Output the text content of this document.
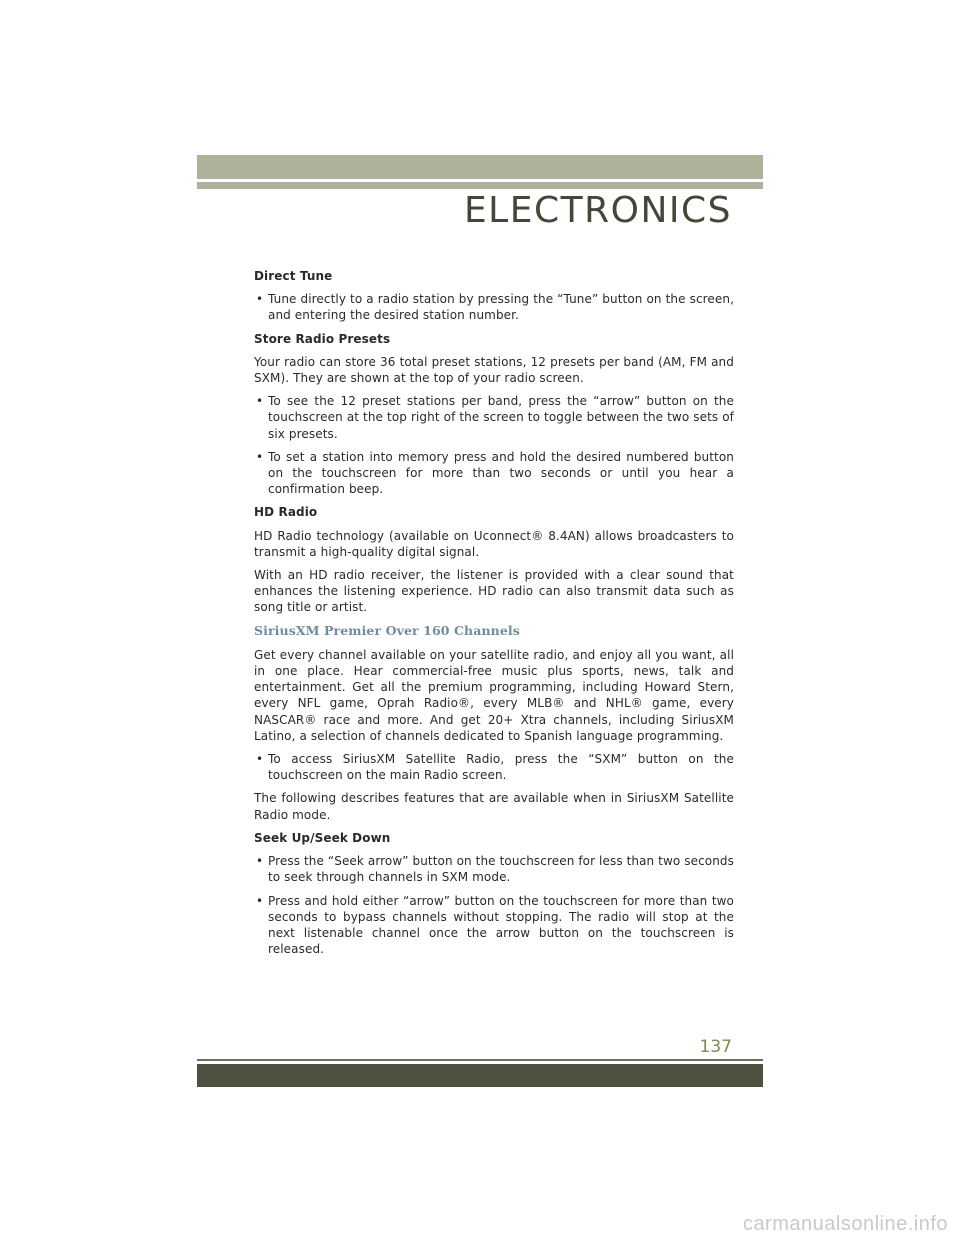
ELECTRONICS
Direct Tune
• Tune directly to a radio station by pressing the “Tune” button on the screen, and entering the desired station number.
Store Radio Presets

Your radio can store 36 total preset stations, 12 presets per band (AM, FM and SXM). They are shown at the top of your radio screen.

• To see the 12 preset stations per band, press the “arrow” button on the touchscreen at the top right of the screen to toggle between the two sets of six presets.
• To set a station into memory press and hold the desired numbered button on the touchscreen for more than two seconds or until you hear a confirmation beep.
HD Radio

HD Radio technology (available on Uconnect® 8.4AN) allows broadcasters to transmit a high-quality digital signal.

With an HD radio receiver, the listener is provided with a clear sound that enhances the listening experience. HD radio can also transmit data such as song title or artist.

SiriusXM Premier Over 160 Channels

Get every channel available on your satellite radio, and enjoy all you want, all in one place. Hear commercial-free music plus sports, news, talk and entertainment. Get all the premium programming, including Howard Stern, every NFL game, Oprah Radio®, every MLB® and NHL® game, every NASCAR® race and more. And get 20+ Xtra channels, including SiriusXM Latino, a selection of channels dedicated to Spanish language programming.

• To access SiriusXM Satellite Radio, press the “SXM” button on the touchscreen on the main Radio screen.

The following describes features that are available when in SiriusXM Satellite Radio mode.

Seek Up/Seek Down
• Press the “Seek arrow” button on the touchscreen for less than two seconds to seek through channels in SXM mode.
• Press and hold either “arrow” button on the touchscreen for more than two seconds to bypass channels without stopping. The radio will stop at the next listenable channel once the arrow button on the touchscreen is released.
137
carmanualsonline.info
